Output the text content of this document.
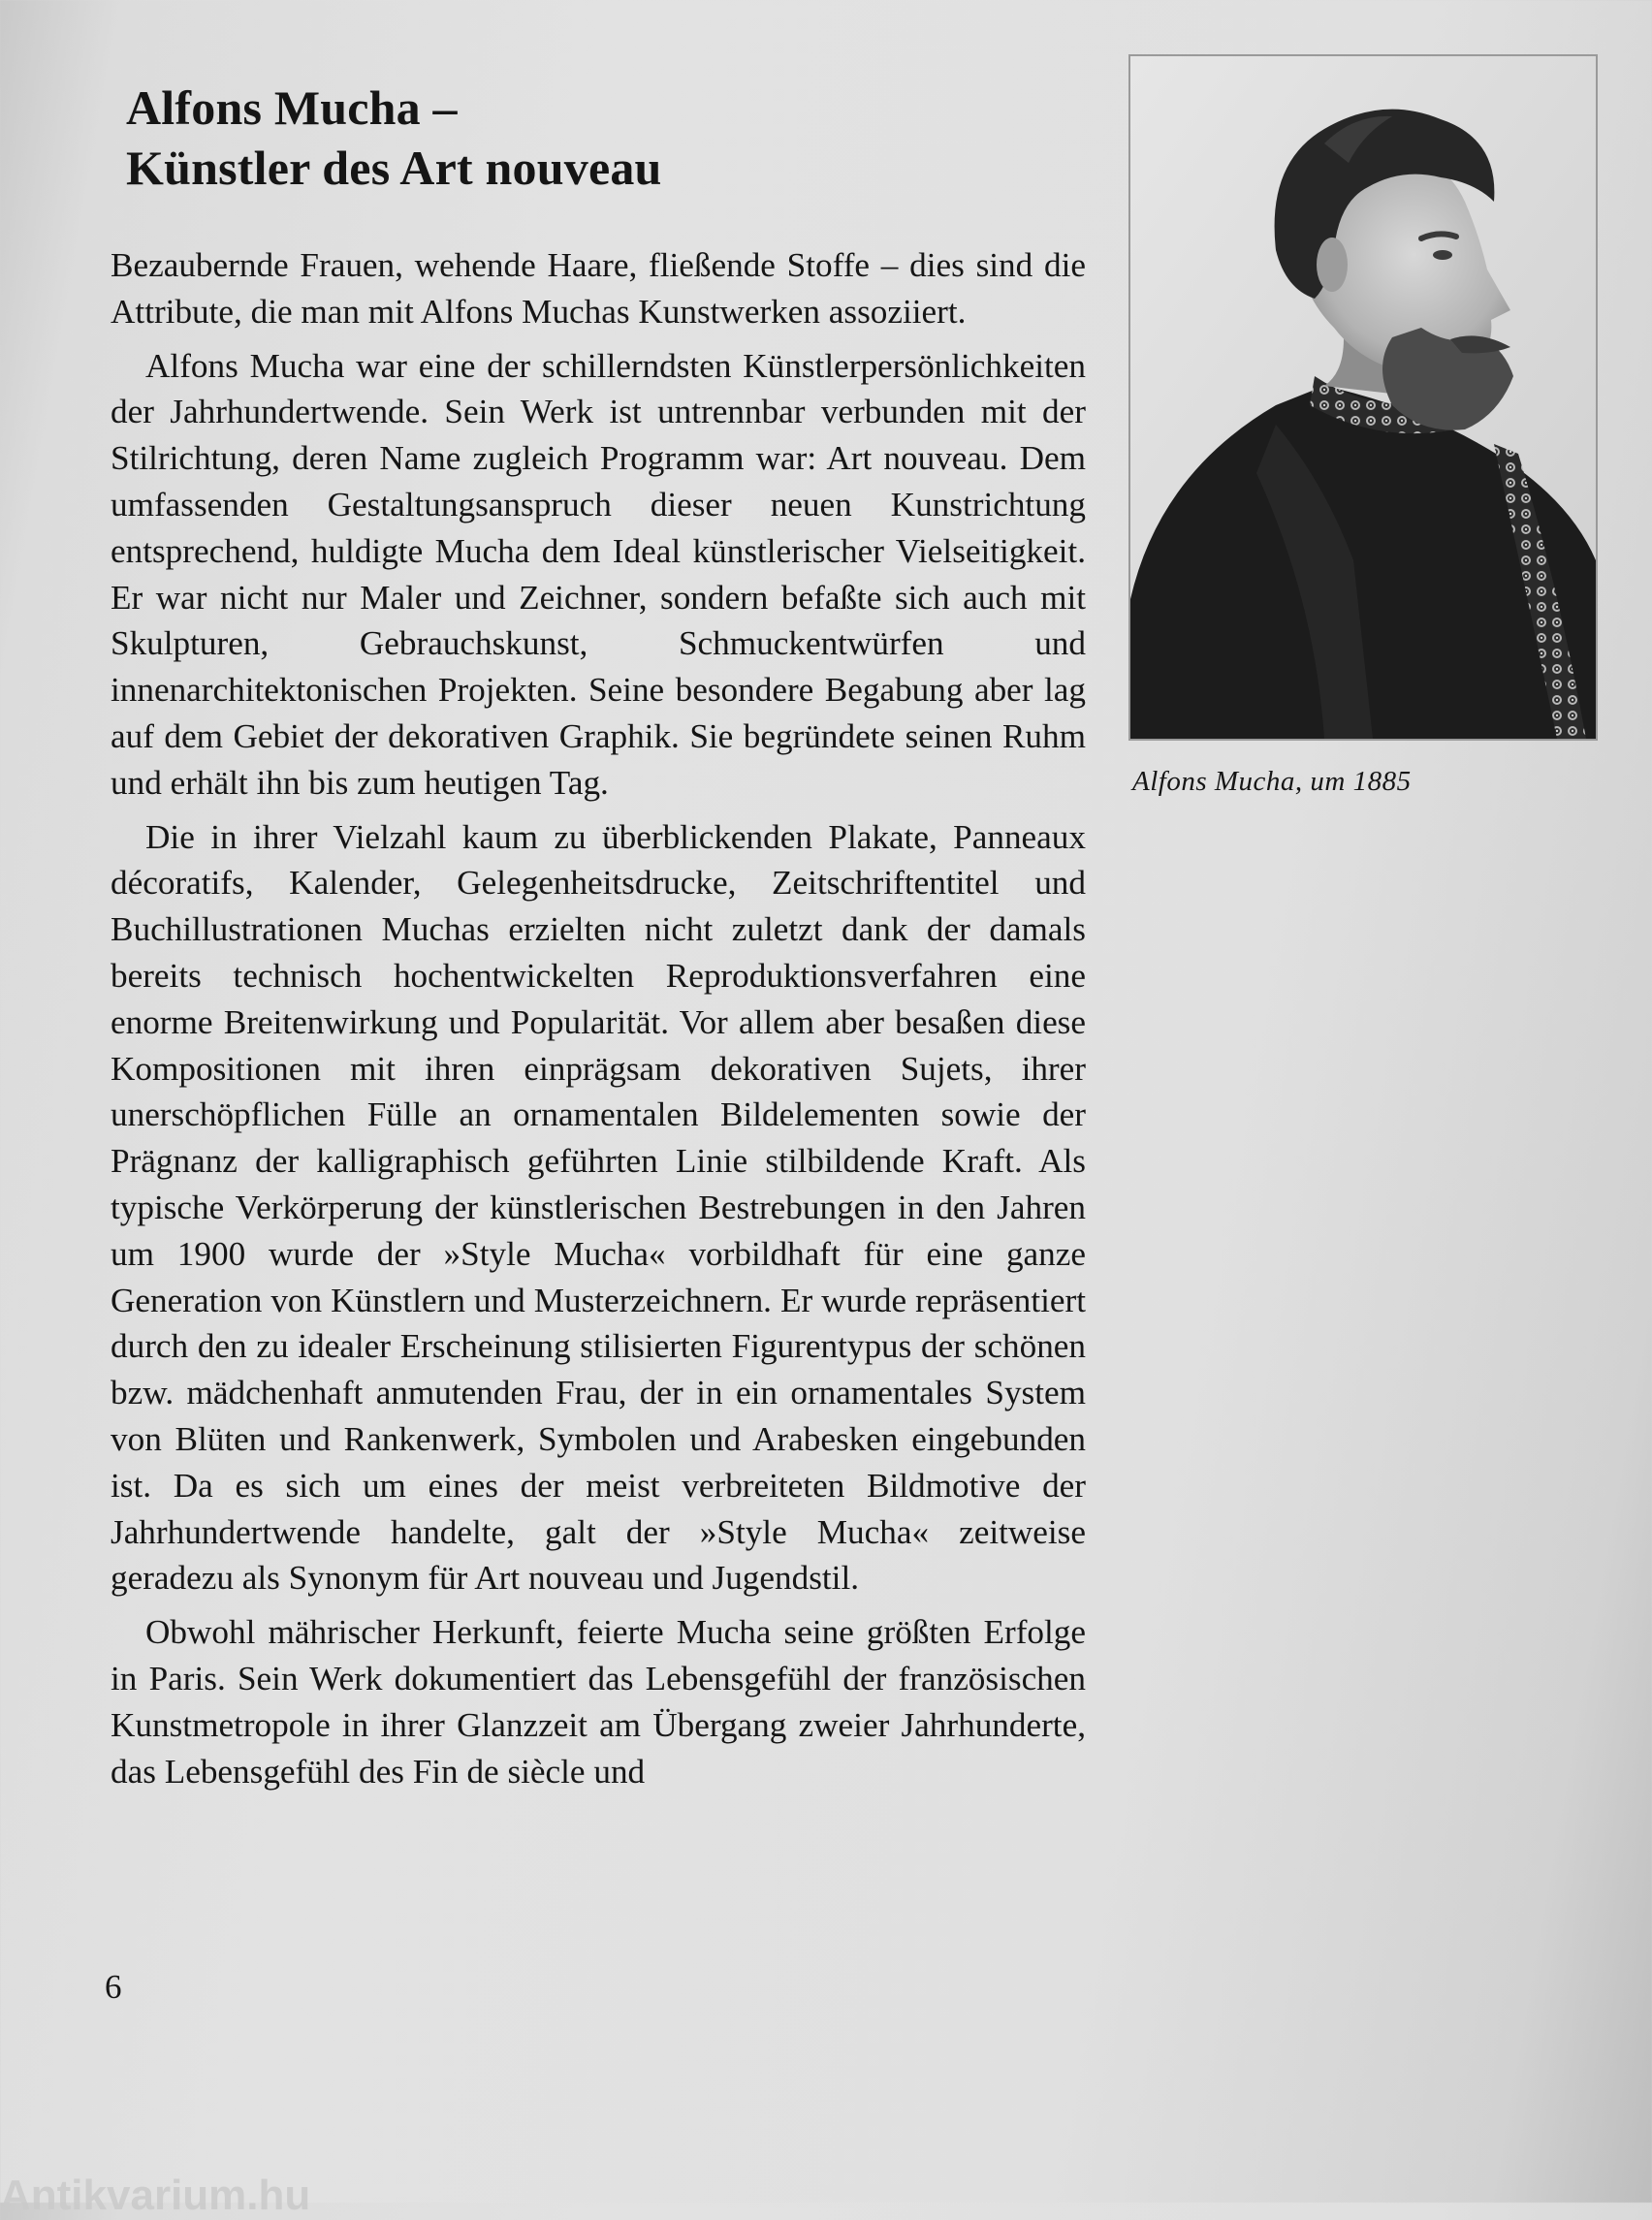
Alfons Mucha –
Künstler des Art nouveau

Bezaubernde Frauen, wehende Haare, fließende Stoffe – dies sind die Attribute, die man mit Alfons Muchas Kunstwerken assoziiert.

Alfons Mucha war eine der schillerndsten Künstlerpersönlichkeiten der Jahrhundertwende. Sein Werk ist untrennbar verbunden mit der Stilrichtung, deren Name zugleich Programm war: Art nouveau. Dem umfassenden Gestaltungsanspruch dieser neuen Kunstrichtung entsprechend, huldigte Mucha dem Ideal künstlerischer Vielseitigkeit. Er war nicht nur Maler und Zeichner, sondern befaßte sich auch mit Skulpturen, Gebrauchskunst, Schmuckentwürfen und innenarchitektonischen Projekten. Seine besondere Begabung aber lag auf dem Gebiet der dekorativen Graphik. Sie begründete seinen Ruhm und erhält ihn bis zum heutigen Tag.

Die in ihrer Vielzahl kaum zu überblickenden Plakate, Panneaux décoratifs, Kalender, Gelegenheitsdrucke, Zeitschriftentitel und Buchillustrationen Muchas erzielten nicht zuletzt dank der damals bereits technisch hochentwickelten Reproduktionsverfahren eine enorme Breitenwirkung und Popularität. Vor allem aber besaßen diese Kompositionen mit ihren einprägsam dekorativen Sujets, ihrer unerschöpflichen Fülle an ornamentalen Bildelementen sowie der Prägnanz der kalligraphisch geführten Linie stilbildende Kraft. Als typische Verkörperung der künstlerischen Bestrebungen in den Jahren um 1900 wurde der »Style Mucha« vorbildhaft für eine ganze Generation von Künstlern und Musterzeichnern. Er wurde repräsentiert durch den zu idealer Erscheinung stilisierten Figurentypus der schönen bzw. mädchenhaft anmutenden Frau, der in ein ornamentales System von Blüten und Rankenwerk, Symbolen und Arabesken eingebunden ist. Da es sich um eines der meist verbreiteten Bildmotive der Jahrhundertwende handelte, galt der »Style Mucha« zeitweise geradezu als Synonym für Art nouveau und Jugendstil.

Obwohl mährischer Herkunft, feierte Mucha seine größten Erfolge in Paris. Sein Werk dokumentiert das Lebensgefühl der französischen Kunstmetropole in ihrer Glanzzeit am Übergang zweier Jahrhunderte, das Lebensgefühl des Fin de siècle und

Alfons Mucha, um 1885

6

Antikvarium.hu
